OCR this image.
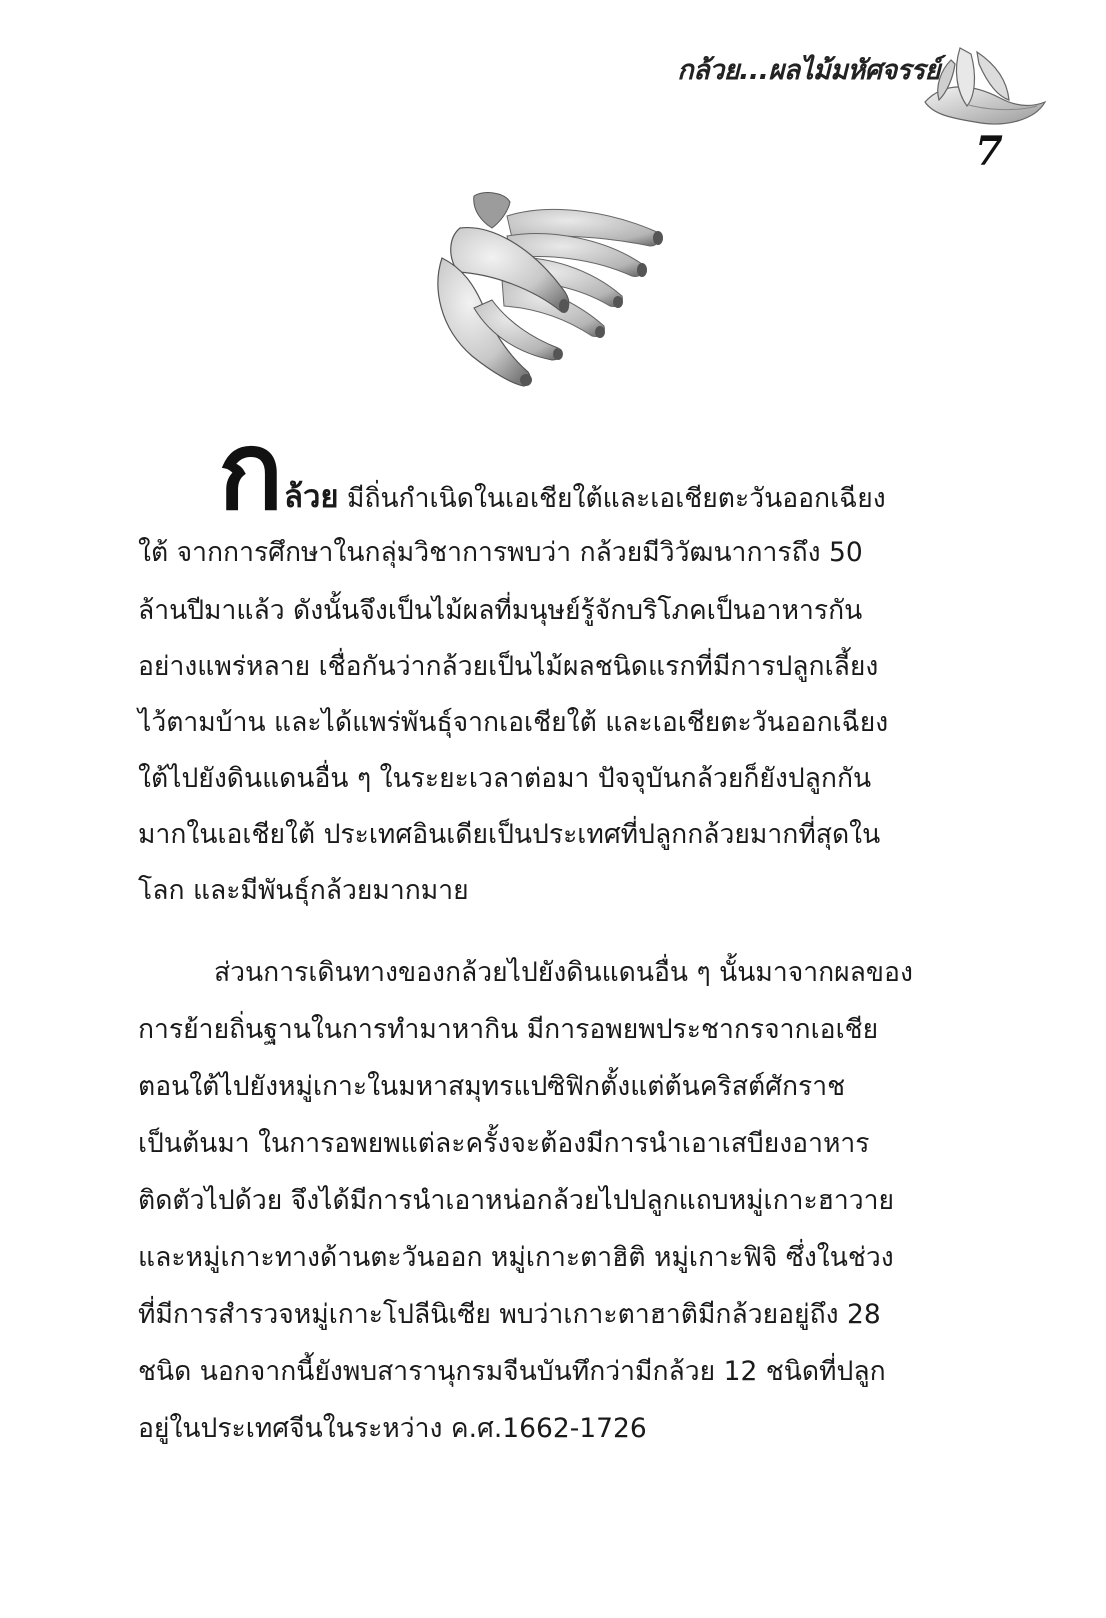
กล้วย...ผลไม้มหัศจรรย์
7
ก ล้วย มีถิ่นกำเนิดในเอเชียใต้และเอเชียตะวันออกเฉียง
ใต้ จากการศึกษาในกลุ่มวิชาการพบว่า กล้วยมีวิวัฒนาการถึง 50
ล้านปีมาแล้ว ดังนั้นจึงเป็นไม้ผลที่มนุษย์รู้จักบริโภคเป็นอาหารกัน
อย่างแพร่หลาย เชื่อกันว่ากล้วยเป็นไม้ผลชนิดแรกที่มีการปลูกเลี้ยง
ไว้ตามบ้าน และได้แพร่พันธุ์จากเอเชียใต้ และเอเชียตะวันออกเฉียง
ใต้ไปยังดินแดนอื่น ๆ ในระยะเวลาต่อมา ปัจจุบันกล้วยก็ยังปลูกกัน
มากในเอเชียใต้ ประเทศอินเดียเป็นประเทศที่ปลูกกล้วยมากที่สุดใน
โลก และมีพันธุ์กล้วยมากมาย
ส่วนการเดินทางของกล้วยไปยังดินแดนอื่น ๆ นั้นมาจากผลของ
การย้ายถิ่นฐานในการทำมาหากิน มีการอพยพประชากรจากเอเชีย
ตอนใต้ไปยังหมู่เกาะในมหาสมุทรแปซิฟิกตั้งแต่ต้นคริสต์ศักราช
เป็นต้นมา ในการอพยพแต่ละครั้งจะต้องมีการนำเอาเสบียงอาหาร
ติดตัวไปด้วย จึงได้มีการนำเอาหน่อกล้วยไปปลูกแถบหมู่เกาะฮาวาย
และหมู่เกาะทางด้านตะวันออก หมู่เกาะตาฮิติ หมู่เกาะฟิจิ ซึ่งในช่วง
ที่มีการสำรวจหมู่เกาะโปลีนิเซีย พบว่าเกาะตาฮาติมีกล้วยอยู่ถึง 28
ชนิด นอกจากนี้ยังพบสารานุกรมจีนบันทึกว่ามีกล้วย 12 ชนิดที่ปลูก
อยู่ในประเทศจีนในระหว่าง ค.ศ.1662-1726
